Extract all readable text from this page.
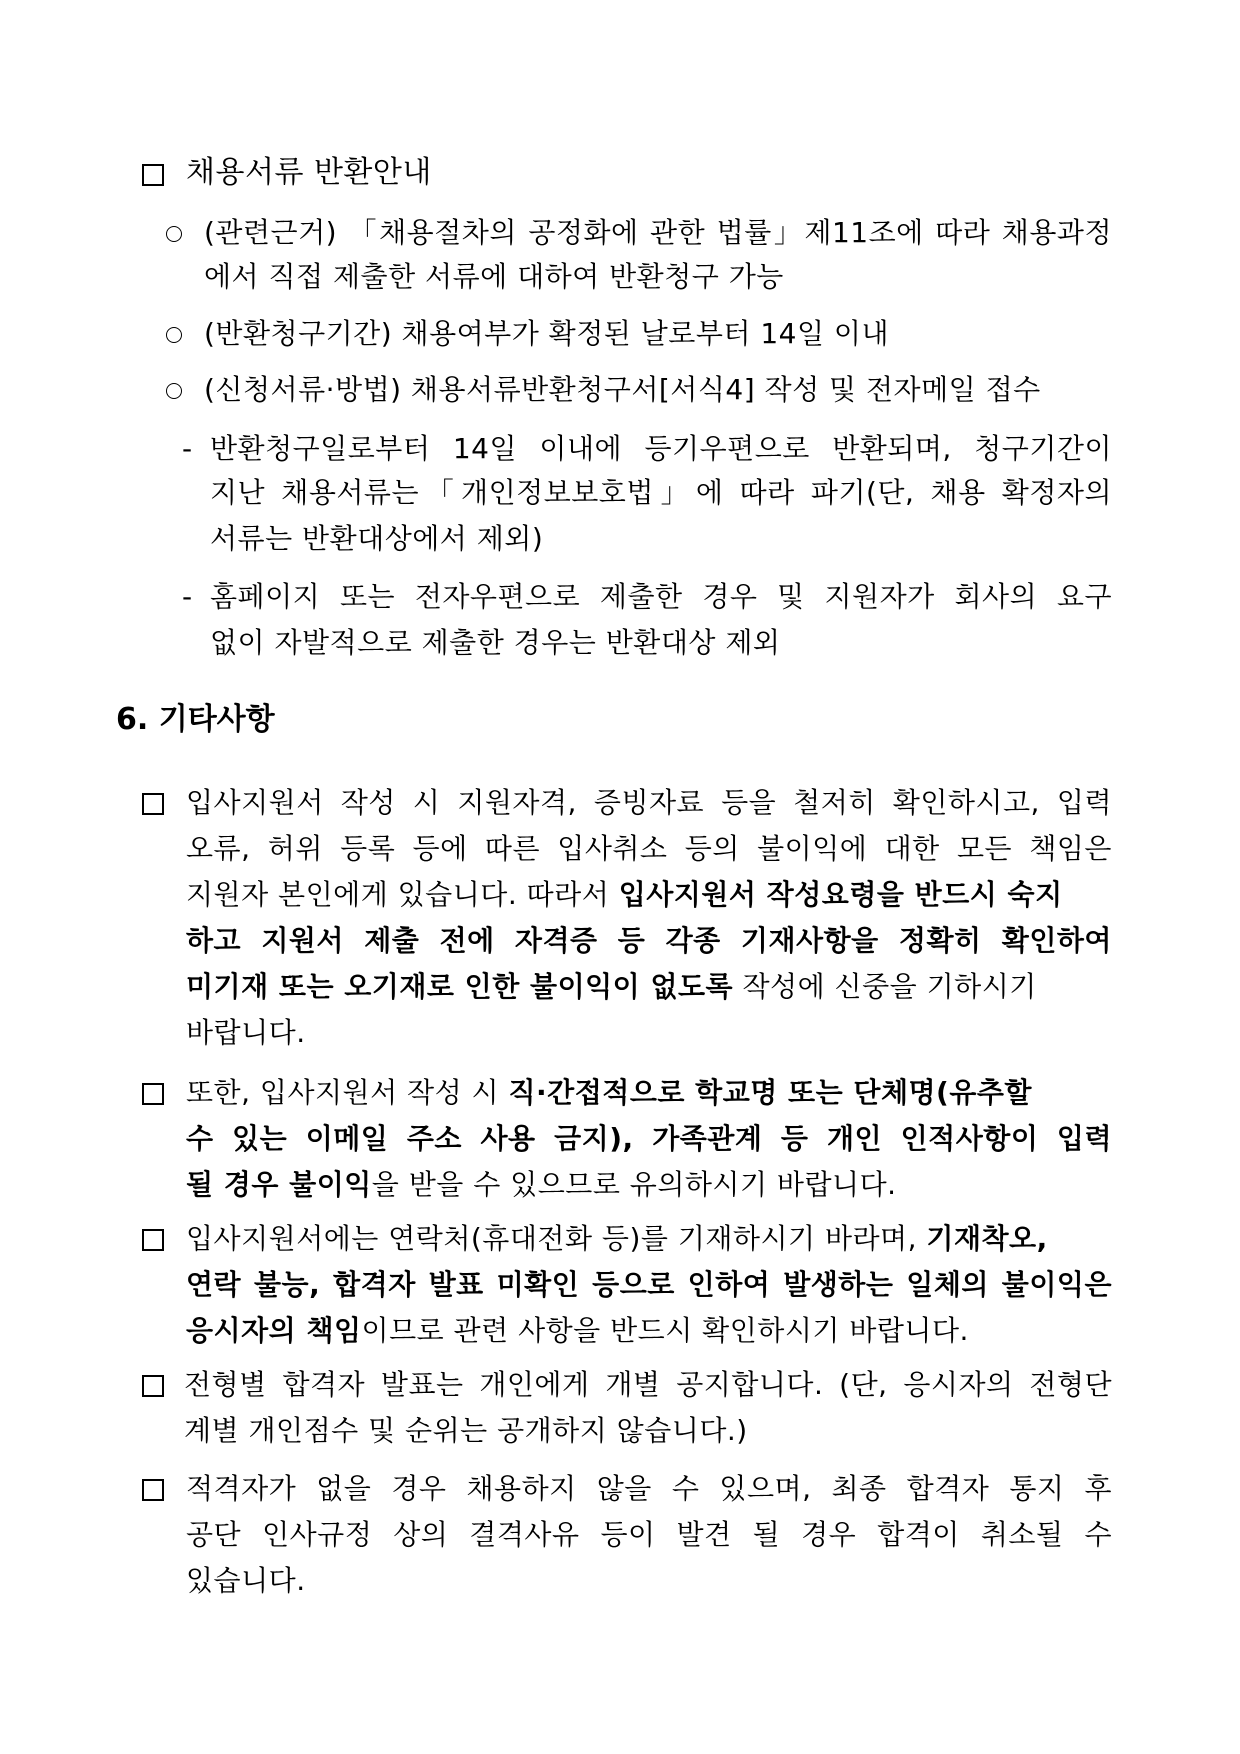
채용서류 반환안내
(관련근거) 「채용절차의 공정화에 관한 법률」제11조에 따라 채용과정
에서 직접 제출한 서류에 대하여 반환청구 가능
(반환청구기간) 채용여부가 확정된 날로부터 14일 이내
(신청서류·방법) 채용서류반환청구서[서식4] 작성 및 전자메일 접수
- 반환청구일로부터 14일 이내에 등기우편으로 반환되며, 청구기간이
지난 채용서류는「개인정보보호법」에 따라 파기(단, 채용 확정자의
서류는 반환대상에서 제외)
- 홈페이지 또는 전자우편으로 제출한 경우 및 지원자가 회사의 요구
없이 자발적으로 제출한 경우는 반환대상 제외
6. 기타사항
입사지원서 작성 시 지원자격, 증빙자료 등을 철저히 확인하시고, 입력
오류, 허위 등록 등에 따른 입사취소 등의 불이익에 대한 모든 책임은
지원자 본인에게 있습니다. 따라서 입사지원서 작성요령을 반드시 숙지
하고 지원서 제출 전에 자격증 등 각종 기재사항을 정확히 확인하여
미기재 또는 오기재로 인한 불이익이 없도록 작성에 신중을 기하시기
바랍니다.
또한, 입사지원서 작성 시 직·간접적으로 학교명 또는 단체명(유추할
수 있는 이메일 주소 사용 금지), 가족관계 등 개인 인적사항이 입력
될 경우 불이익을 받을 수 있으므로 유의하시기 바랍니다.
입사지원서에는 연락처(휴대전화 등)를 기재하시기 바라며, 기재착오,
연락 불능, 합격자 발표 미확인 등으로 인하여 발생하는 일체의 불이익은
응시자의 책임이므로 관련 사항을 반드시 확인하시기 바랍니다.
전형별 합격자 발표는 개인에게 개별 공지합니다. (단, 응시자의 전형단
계별 개인점수 및 순위는 공개하지 않습니다.)
적격자가 없을 경우 채용하지 않을 수 있으며, 최종 합격자 통지 후
공단 인사규정 상의 결격사유 등이 발견 될 경우 합격이 취소될 수
있습니다.
